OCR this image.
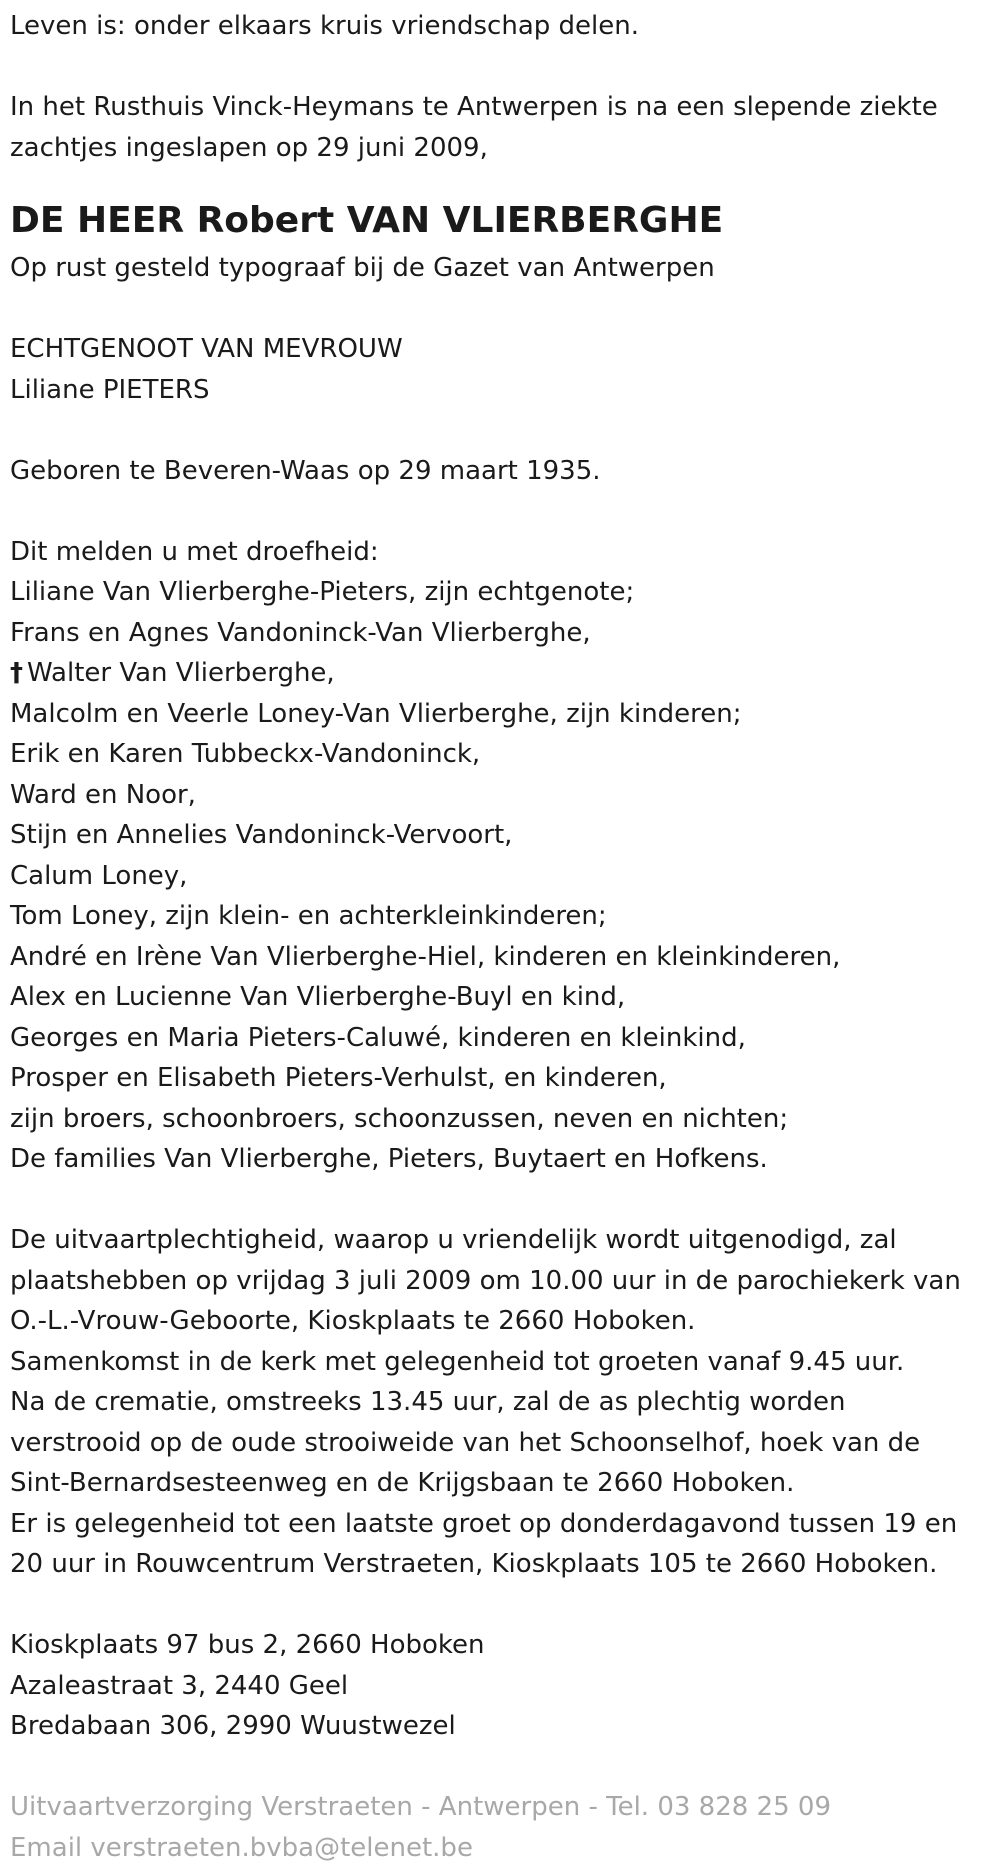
Leven is: onder elkaars kruis vriendschap delen.

In het Rusthuis Vinck-Heymans te Antwerpen is na een slepende ziekte

zachtjes ingeslapen op 29 juni 2009,

DE HEER Robert VAN VLIERBERGHE

Op rust gesteld typograaf bij de Gazet van Antwerpen

ECHTGENOOT VAN MEVROUW

Liliane PIETERS

Geboren te Beveren-Waas op 29 maart 1935.

Dit melden u met droefheid:

Liliane Van Vlierberghe-Pieters, zijn echtgenote;

Frans en Agnes Vandoninck-Van Vlierberghe,

† Walter Van Vlierberghe,

Malcolm en Veerle Loney-Van Vlierberghe, zijn kinderen;

Erik en Karen Tubbeckx-Vandoninck,

Ward en Noor,

Stijn en Annelies Vandoninck-Vervoort,

Calum Loney,

Tom Loney, zijn klein- en achterkleinkinderen;

André en Irène Van Vlierberghe-Hiel, kinderen en kleinkinderen,

Alex en Lucienne Van Vlierberghe-Buyl en kind,

Georges en Maria Pieters-Caluwé, kinderen en kleinkind,

Prosper en Elisabeth Pieters-Verhulst, en kinderen,

zijn broers, schoonbroers, schoonzussen, neven en nichten;

De families Van Vlierberghe, Pieters, Buytaert en Hofkens.

De uitvaartplechtigheid, waarop u vriendelijk wordt uitgenodigd, zal

plaatshebben op vrijdag 3 juli 2009 om 10.00 uur in de parochiekerk van

O.-L.-Vrouw-Geboorte, Kioskplaats te 2660 Hoboken.

Samenkomst in de kerk met gelegenheid tot groeten vanaf 9.45 uur.

Na de crematie, omstreeks 13.45 uur, zal de as plechtig worden

verstrooid op de oude strooiweide van het Schoonselhof, hoek van de

Sint-Bernardsesteenweg en de Krijgsbaan te 2660 Hoboken.

Er is gelegenheid tot een laatste groet op donderdagavond tussen 19 en

20 uur in Rouwcentrum Verstraeten, Kioskplaats 105 te 2660 Hoboken.

Kioskplaats 97 bus 2, 2660 Hoboken

Azaleastraat 3, 2440 Geel

Bredabaan 306, 2990 Wuustwezel

Uitvaartverzorging Verstraeten - Antwerpen - Tel. 03 828 25 09

Email verstraeten.bvba@telenet.be
